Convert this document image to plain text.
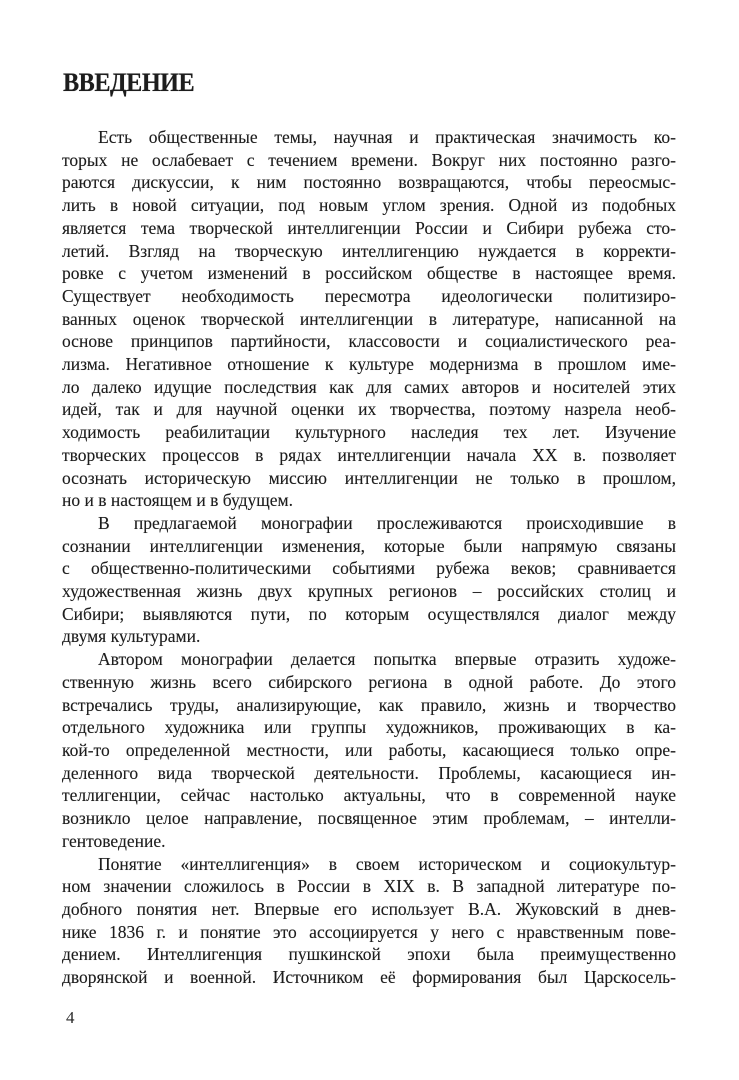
ВВЕДЕНИЕ
Есть общественные темы, научная и практическая значимость ко-
торых не ослабевает с течением времени. Вокруг них постоянно разго-
раются дискуссии, к ним постоянно возвращаются, чтобы переосмыс-
лить в новой ситуации, под новым углом зрения. Одной из подобных
является тема творческой интеллигенции России и Сибири рубежа сто-
летий. Взгляд на творческую интеллигенцию нуждается в корректи-
ровке с учетом изменений в российском обществе в настоящее время.
Существует необходимость пересмотра идеологически политизиро-
ванных оценок творческой интеллигенции в литературе, написанной на
основе принципов партийности, классовости и социалистического реа-
лизма. Негативное отношение к культуре модернизма в прошлом име-
ло далеко идущие последствия как для самих авторов и носителей этих
идей, так и для научной оценки их творчества, поэтому назрела необ-
ходимость реабилитации культурного наследия тех лет. Изучение
творческих процессов в рядах интеллигенции начала XX в. позволяет
осознать историческую миссию интеллигенции не только в прошлом,
но и в настоящем и в будущем.
В предлагаемой монографии прослеживаются происходившие в
сознании интеллигенции изменения, которые были напрямую связаны
с общественно-политическими событиями рубежа веков; сравнивается
художественная жизнь двух крупных регионов – российских столиц и
Сибири; выявляются пути, по которым осуществлялся диалог между
двумя культурами.
Автором монографии делается попытка впервые отразить художе-
ственную жизнь всего сибирского региона в одной работе. До этого
встречались труды, анализирующие, как правило, жизнь и творчество
отдельного художника или группы художников, проживающих в ка-
кой-то определенной местности, или работы, касающиеся только опре-
деленного вида творческой деятельности. Проблемы, касающиеся ин-
теллигенции, сейчас настолько актуальны, что в современной науке
возникло целое направление, посвященное этим проблемам, – интелли-
гентоведение.
Понятие «интеллигенция» в своем историческом и социокультур-
ном значении сложилось в России в XIX в. В западной литературе по-
добного понятия нет. Впервые его использует В.А. Жуковский в днев-
нике 1836 г. и понятие это ассоциируется у него с нравственным пове-
дением. Интеллигенция пушкинской эпохи была преимущественно
дворянской и военной. Источником её формирования был Царскосель-
4
